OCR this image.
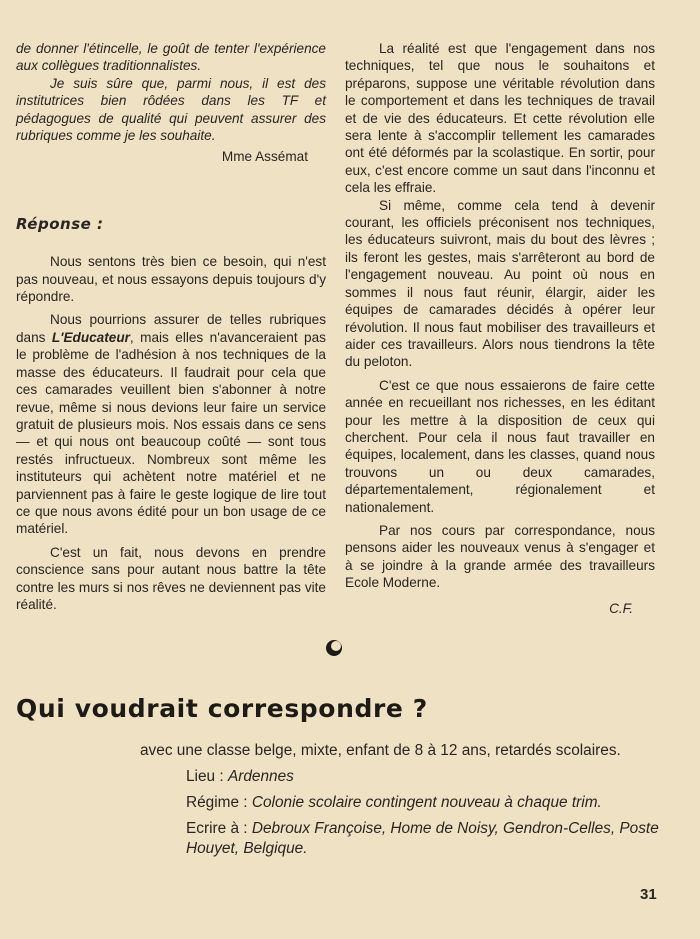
de donner l'étincelle, le goût de tenter l'expérience aux collègues traditionnalistes.

Je suis sûre que, parmi nous, il est des institutrices bien rôdées dans les TF et pédagogues de qualité qui peuvent assurer des rubriques comme je les souhaite.

Mme Assémat

Réponse :

Nous sentons très bien ce besoin, qui n'est pas nouveau, et nous essayons depuis toujours d'y répondre.

Nous pourrions assurer de telles rubriques dans L'Educateur, mais elles n'avanceraient pas le problème de l'adhésion à nos techniques de la masse des éducateurs. Il faudrait pour cela que ces camarades veuillent bien s'abonner à notre revue, même si nous devions leur faire un service gratuit de plusieurs mois. Nos essais dans ce sens — et qui nous ont beaucoup coûté — sont tous restés infructueux. Nombreux sont même les instituteurs qui achètent notre matériel et ne parviennent pas à faire le geste logique de lire tout ce que nous avons édité pour un bon usage de ce matériel.

C'est un fait, nous devons en prendre conscience sans pour autant nous battre la tête contre les murs si nos rêves ne deviennent pas vite réalité.

La réalité est que l'engagement dans nos techniques, tel que nous le souhaitons et préparons, suppose une véritable révolution dans le comportement et dans les techniques de travail et de vie des éducateurs. Et cette révolution elle sera lente à s'accomplir tellement les camarades ont été déformés par la scolastique. En sortir, pour eux, c'est encore comme un saut dans l'inconnu et cela les effraie.

Si même, comme cela tend à devenir courant, les officiels préconisent nos techniques, les éducateurs suivront, mais du bout des lèvres ; ils feront les gestes, mais s'arrêteront au bord de l'engagement nouveau. Au point où nous en sommes il nous faut réunir, élargir, aider les équipes de camarades décidés à opérer leur révolution. Il nous faut mobiliser des travailleurs et aider ces travailleurs. Alors nous tiendrons la tête du peloton.

C'est ce que nous essaierons de faire cette année en recueillant nos richesses, en les éditant pour les mettre à la disposition de ceux qui cherchent. Pour cela il nous faut travailler en équipes, localement, dans les classes, quand nous trouvons un ou deux camarades, départementalement, régionalement et nationalement.

Par nos cours par correspondance, nous pensons aider les nouveaux venus à s'engager et à se joindre à la grande armée des travailleurs Ecole Moderne.

C.F.

Qui voudrait correspondre ?

avec une classe belge, mixte, enfant de 8 à 12 ans, retardés scolaires.

Lieu : Ardennes

Régime : Colonie scolaire contingent nouveau à chaque trim.

Ecrire à : Debroux Françoise, Home de Noisy, Gendron-Celles, Poste Houyet, Belgique.

31
